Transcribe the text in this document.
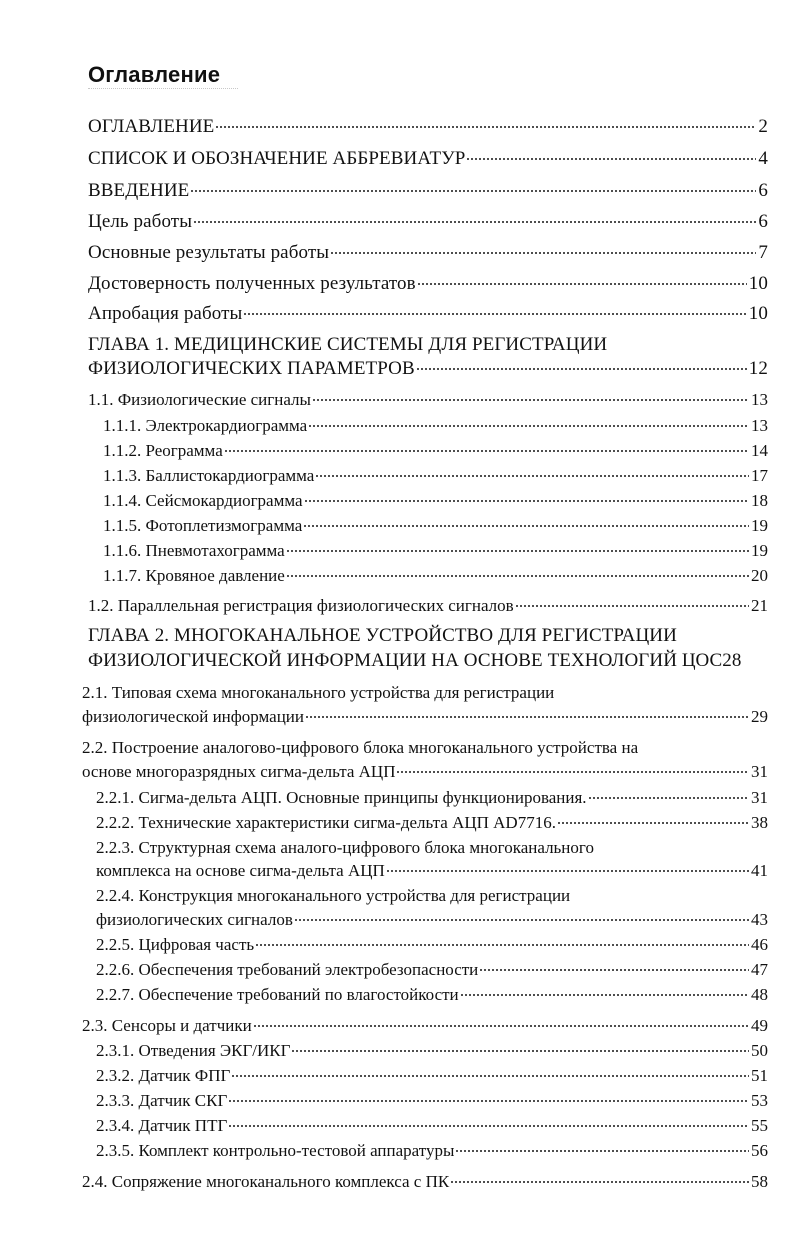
Оглавление
ОГЛАВЛЕНИЕ	2
СПИСОК И ОБОЗНАЧЕНИЕ АББРЕВИАТУР	4
ВВЕДЕНИЕ	6
Цель работы	6
Основные результаты работы	7
Достоверность полученных результатов	10
Апробация работы	10
ГЛАВА 1. МЕДИЦИНСКИЕ СИСТЕМЫ ДЛЯ РЕГИСТРАЦИИ
ФИЗИОЛОГИЧЕСКИХ ПАРАМЕТРОВ	12
1.1. Физиологические сигналы	13
1.1.1. Электрокардиограмма	13
1.1.2. Реограмма	14
1.1.3. Баллистокардиограмма	17
1.1.4. Сейсмокардиограмма	18
1.1.5. Фотоплетизмограмма	19
1.1.6. Пневмотахограмма	19
1.1.7. Кровяное давление	20
1.2. Параллельная регистрация физиологических сигналов	21
ГЛАВА 2. МНОГОКАНАЛЬНОЕ УСТРОЙСТВО ДЛЯ РЕГИСТРАЦИИ
ФИЗИОЛОГИЧЕСКОЙ ИНФОРМАЦИИ НА ОСНОВЕ ТЕХНОЛОГИЙ ЦОС 28
2.1. Типовая схема многоканального устройства для регистрации
физиологической информации	29
2.2. Построение аналогово-цифрового блока многоканального устройства на
основе многоразрядных сигма-дельта АЦП	31
2.2.1. Сигма-дельта АЦП. Основные принципы функционирования.	31
2.2.2. Технические характеристики сигма-дельта АЦП AD7716.	38
2.2.3. Структурная схема аналого-цифрового блока многоканального
комплекса на основе сигма-дельта АЦП	41
2.2.4. Конструкция многоканального устройства для регистрации
физиологических сигналов	43
2.2.5. Цифровая часть	46
2.2.6. Обеспечения требований электробезопасности	47
2.2.7. Обеспечение требований по влагостойкости	48
2.3. Сенсоры и датчики	49
2.3.1. Отведения ЭКГ/ИКГ	50
2.3.2. Датчик ФПГ	51
2.3.3. Датчик СКГ	53
2.3.4. Датчик ПТГ	55
2.3.5. Комплект контрольно-тестовой аппаратуры	56
2.4. Сопряжение многоканального комплекса с ПК	58
